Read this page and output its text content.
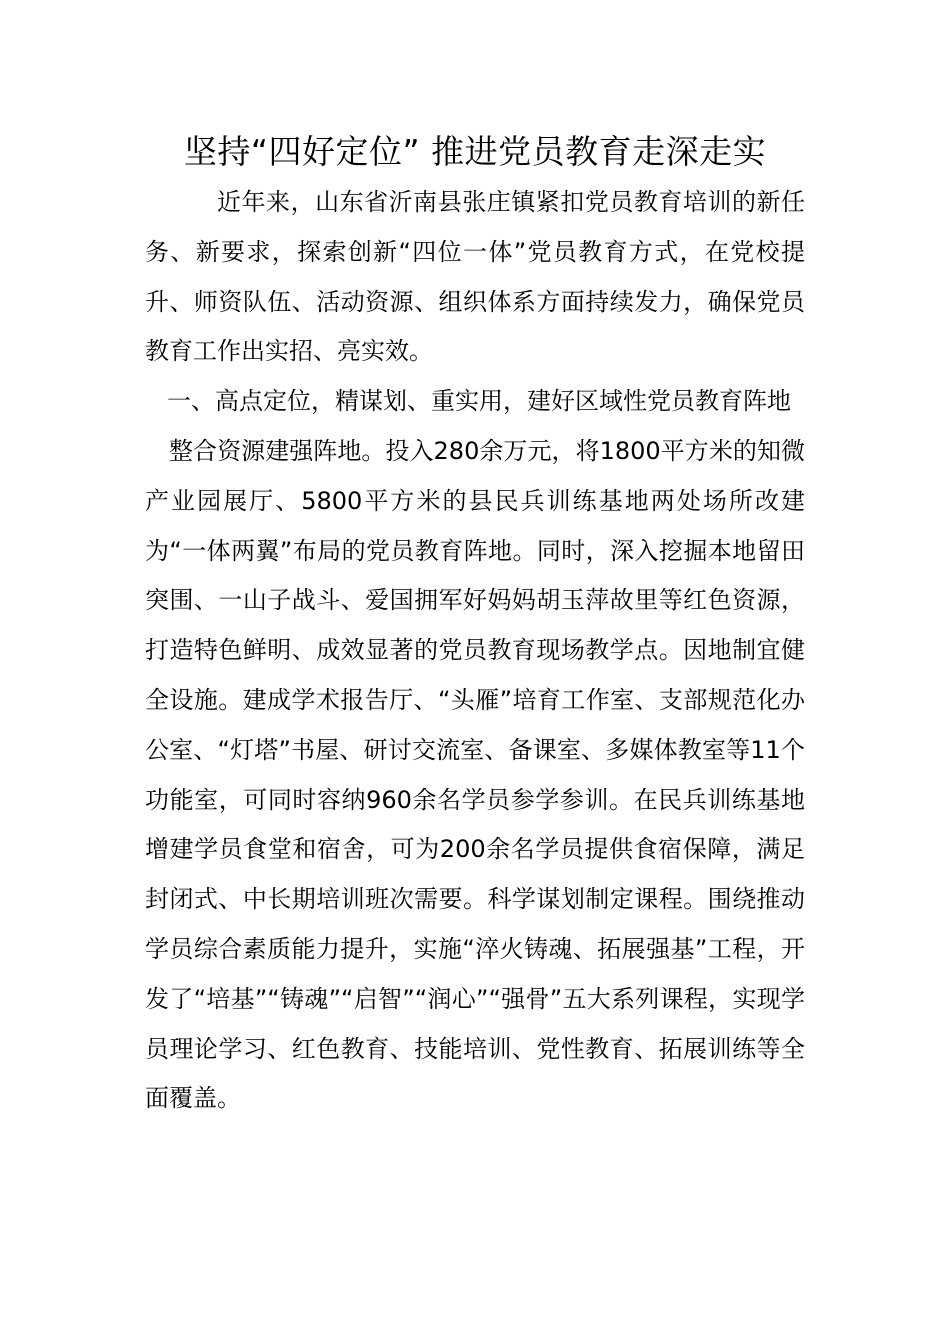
坚持“四好定位” 推进党员教育走深走实

近年来，山东省沂南县张庄镇紧扣党员教育培训的新任务、新要求，探索创新“四位一体”党员教育方式，在党校提升、师资队伍、活动资源、组织体系方面持续发力，确保党员教育工作出实招、亮实效。

一、高点定位，精谋划、重实用，建好区域性党员教育阵地

整合资源建强阵地。投入280余万元，将1800平方米的知微产业园展厅、5800平方米的县民兵训练基地两处场所改建为“一体两翼”布局的党员教育阵地。同时，深入挖掘本地留田突围、一山子战斗、爱国拥军好妈妈胡玉萍故里等红色资源，打造特色鲜明、成效显著的党员教育现场教学点。因地制宜健全设施。建成学术报告厅、“头雁”培育工作室、支部规范化办公室、“灯塔”书屋、研讨交流室、备课室、多媒体教室等11个功能室，可同时容纳960余名学员参学参训。在民兵训练基地增建学员食堂和宿舍，可为200余名学员提供食宿保障，满足封闭式、中长期培训班次需要。科学谋划制定课程。围绕推动学员综合素质能力提升，实施“淬火铸魂、拓展强基”工程，开发了“培基”“铸魂”“启智”“润心”“强骨”五大系列课程，实现学员理论学习、红色教育、技能培训、党性教育、拓展训练等全面覆盖。
